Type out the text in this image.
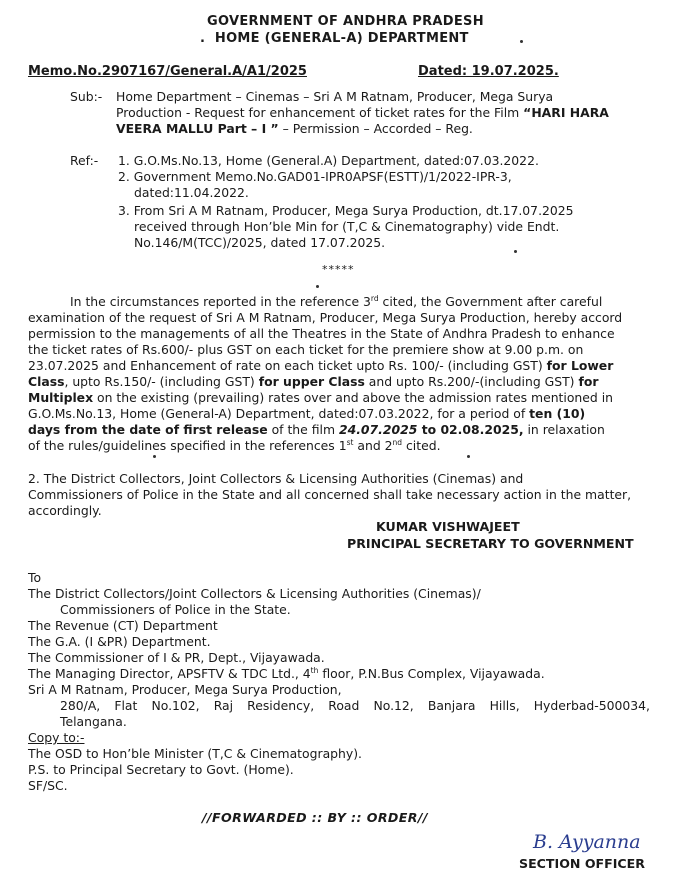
GOVERNMENT OF ANDHRA PRADESH
.  HOME (GENERAL-A) DEPARTMENT
Memo.No.2907167/General.A/A1/2025	Dated: 19.07.2025.
Sub:- Home Department – Cinemas – Sri A M Ratnam, Producer, Mega Surya
Production - Request for enhancement of ticket rates for the Film “HARI HARA
VEERA MALLU Part – I ” – Permission – Accorded – Reg.
Ref:- 1. G.O.Ms.No.13, Home (General.A) Department, dated:07.03.2022.
2. Government Memo.No.GAD01-IPR0APSF(ESTT)/1/2022-IPR-3,
dated:11.04.2022.
3. From Sri A M Ratnam, Producer, Mega Surya Production, dt.17.07.2025
received through Hon’ble Min for (T,C & Cinematography) vide Endt.
No.146/M(TCC)/2025, dated 17.07.2025.
*****
In the circumstances reported in the reference 3rd cited, the Government after careful
examination of the request of Sri A M Ratnam, Producer, Mega Surya Production, hereby accord
permission to the managements of all the Theatres in the State of Andhra Pradesh to enhance
the ticket rates of Rs.600/- plus GST on each ticket for the premiere show at 9.00 p.m. on
23.07.2025 and Enhancement of rate on each ticket upto Rs. 100/- (including GST) for Lower
Class, upto Rs.150/- (including GST) for upper Class and upto Rs.200/-(including GST) for
Multiplex on the existing (prevailing) rates over and above the admission rates mentioned in
G.O.Ms.No.13, Home (General-A) Department, dated:07.03.2022, for a period of ten (10)
days from the date of first release of the film 24.07.2025 to 02.08.2025, in relaxation
of the rules/guidelines specified in the references 1st and 2nd cited.
2. The District Collectors, Joint Collectors & Licensing Authorities (Cinemas) and
Commissioners of Police in the State and all concerned shall take necessary action in the matter,
accordingly.
KUMAR VISHWAJEET
PRINCIPAL SECRETARY TO GOVERNMENT
To
The District Collectors/Joint Collectors & Licensing Authorities (Cinemas)/
Commissioners of Police in the State.
The Revenue (CT) Department
The G.A. (I &PR) Department.
The Commissioner of I & PR, Dept., Vijayawada.
The Managing Director, APSFTV & TDC Ltd., 4th floor, P.N.Bus Complex, Vijayawada.
Sri A M Ratnam, Producer, Mega Surya Production,
280/A, Flat No.102, Raj Residency, Road No.12, Banjara Hills, Hyderbad-500034,
Telangana.
Copy to:-
The OSD to Hon’ble Minister (T,C & Cinematography).
P.S. to Principal Secretary to Govt. (Home).
SF/SC.
//FORWARDED :: BY :: ORDER//
B. Ayyanna
SECTION OFFICER
